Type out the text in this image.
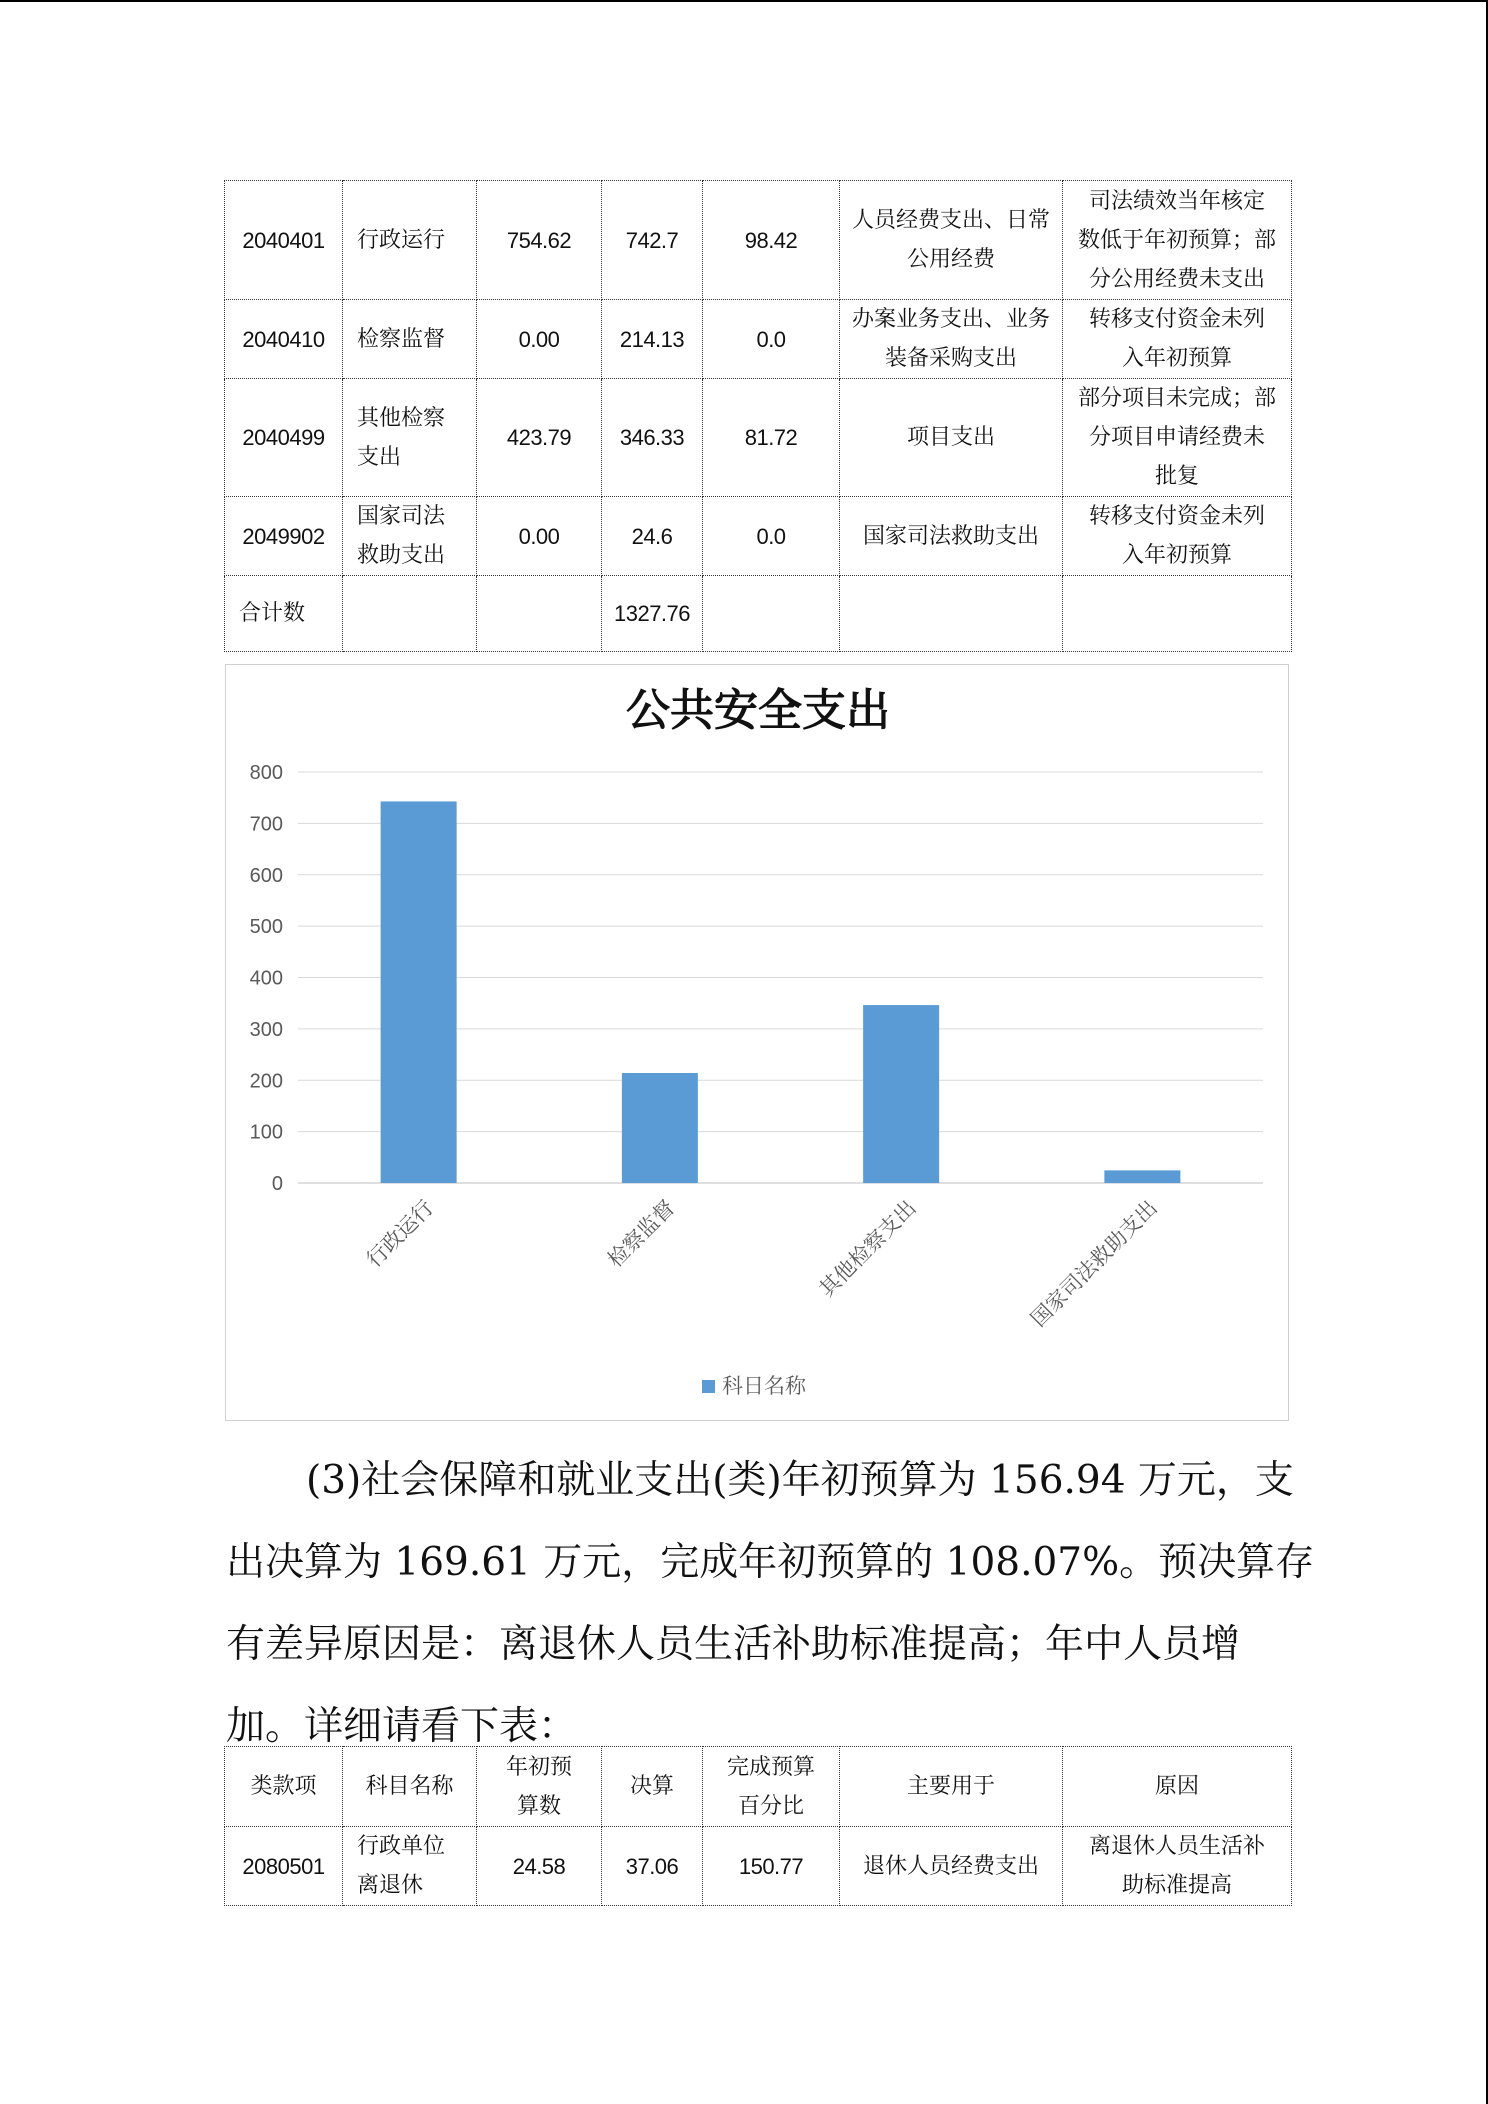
2040401	行政运行	754.62	742.7	98.42	人员经费支出、日常
公用经费	司法绩效当年核定
数低于年初预算；部
分公用经费未支出

2040410	检察监督	0.00	214.13	0.0	办案业务支出、业务
装备采购支出	转移支付资金未列
入年初预算

2040499	其他检察
支出	423.79	346.33	81.72	项目支出	部分项目未完成；部
分项目申请经费未
批复

2049902	国家司法
救助支出	0.00	24.6	0.0	国家司法救助支出	转移支付资金未列
入年初预算

合计数			1327.76			
公共安全支出
0
100
200
300
400
500
600
700
800
行政运行	检察监督	其他检察支出	国家司法救助支出
科日名称

(3)社会保障和就业支出(类)年初预算为 156.94 万元，支
出决算为 169.61 万元，完成年初预算的 108.07%。预决算存
有差异原因是：离退休人员生活补助标准提高；年中人员增
加。详细请看下表：

类款项	科目名称	年初预
算数	决算	完成预算
百分比	主要用于	原因

2080501	行政单位
离退休	24.58	37.06	150.77	退休人员经费支出	离退休人员生活补
助标准提高
